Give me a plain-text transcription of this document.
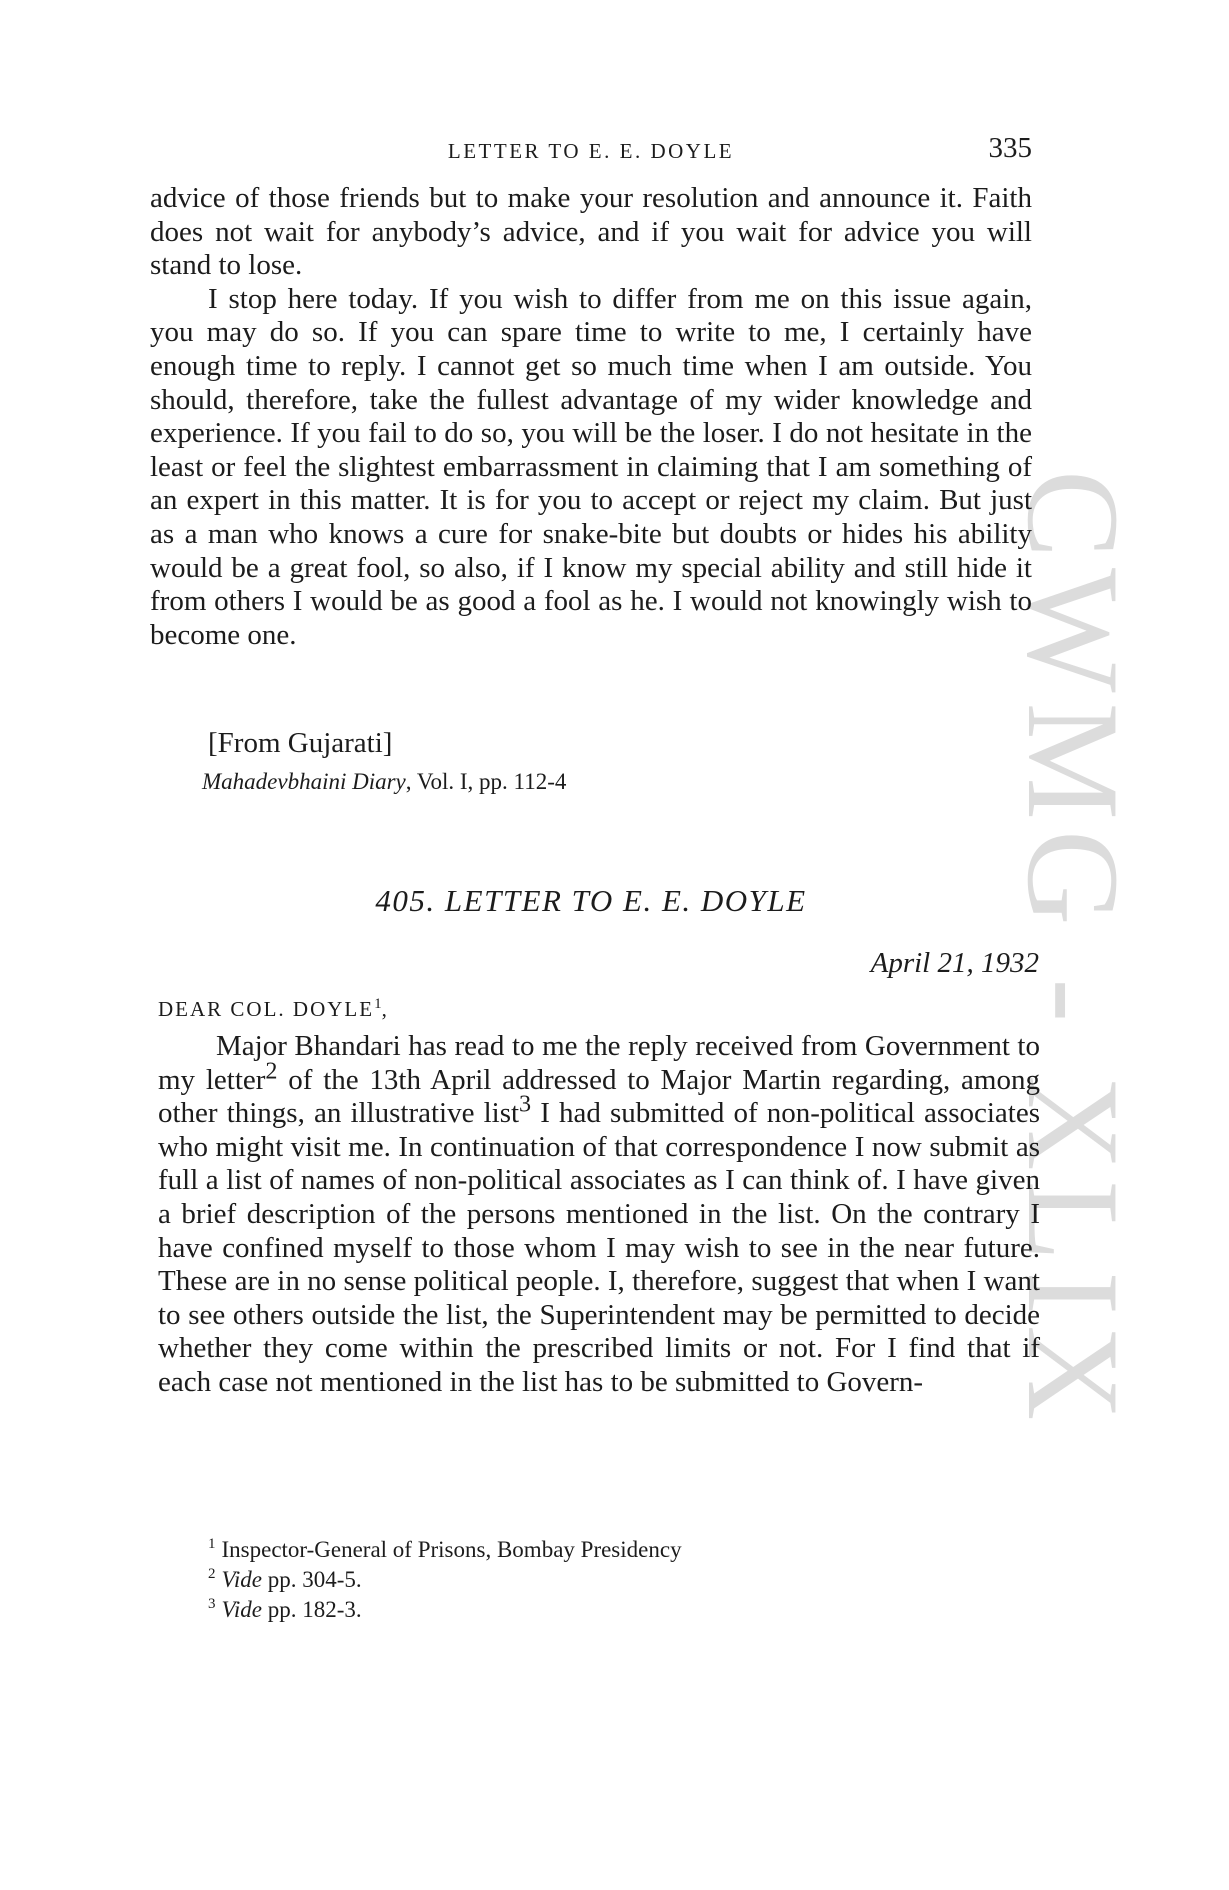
CWMG - XLIX
LETTER TO E. E. DOYLE	335

advice of those friends but to make your resolution and announce it. Faith does not wait for anybody’s advice, and if you wait for advice you will stand to lose.

I stop here today. If you wish to differ from me on this issue again, you may do so. If you can spare time to write to me, I certainly have enough time to reply. I cannot get so much time when I am outside. You should, therefore, take the fullest advantage of my wider knowledge and experience. If you fail to do so, you will be the loser. I do not hesitate in the least or feel the slightest embarrassment in claiming that I am something of an expert in this matter. It is for you to accept or reject my claim. But just as a man who knows a cure for snake-bite but doubts or hides his ability would be a great fool, so also, if I know my special ability and still hide it from others I would be as good a fool as he. I would not knowingly wish to become one.

[From Gujarati]
Mahadevbhaini Diary, Vol. I, pp. 112-4
405. LETTER TO E. E. DOYLE
April 21, 1932
DEAR COL. DOYLE$^1$,

Major Bhandari has read to me the reply received from Government to my letter$^2$ of the 13th April addressed to Major Martin regarding, among other things, an illustrative list$^3$ I had submitted of non-political associates who might visit me. In continuation of that correspondence I now submit as full a list of names of non-political associates as I can think of. I have given a brief description of the persons mentioned in the list. On the contrary I have confined myself to those whom I may wish to see in the near future. These are in no sense political people. I, therefore, suggest that when I want to see others outside the list, the Superintendent may be permitted to decide whether they come within the prescribed limits or not. For I find that if each case not mentioned in the list has to be submitted to Govern-

$^1$ Inspector-General of Prisons, Bombay Presidency
$^2$ Vide pp. 304-5.
$^3$ Vide pp. 182-3.
